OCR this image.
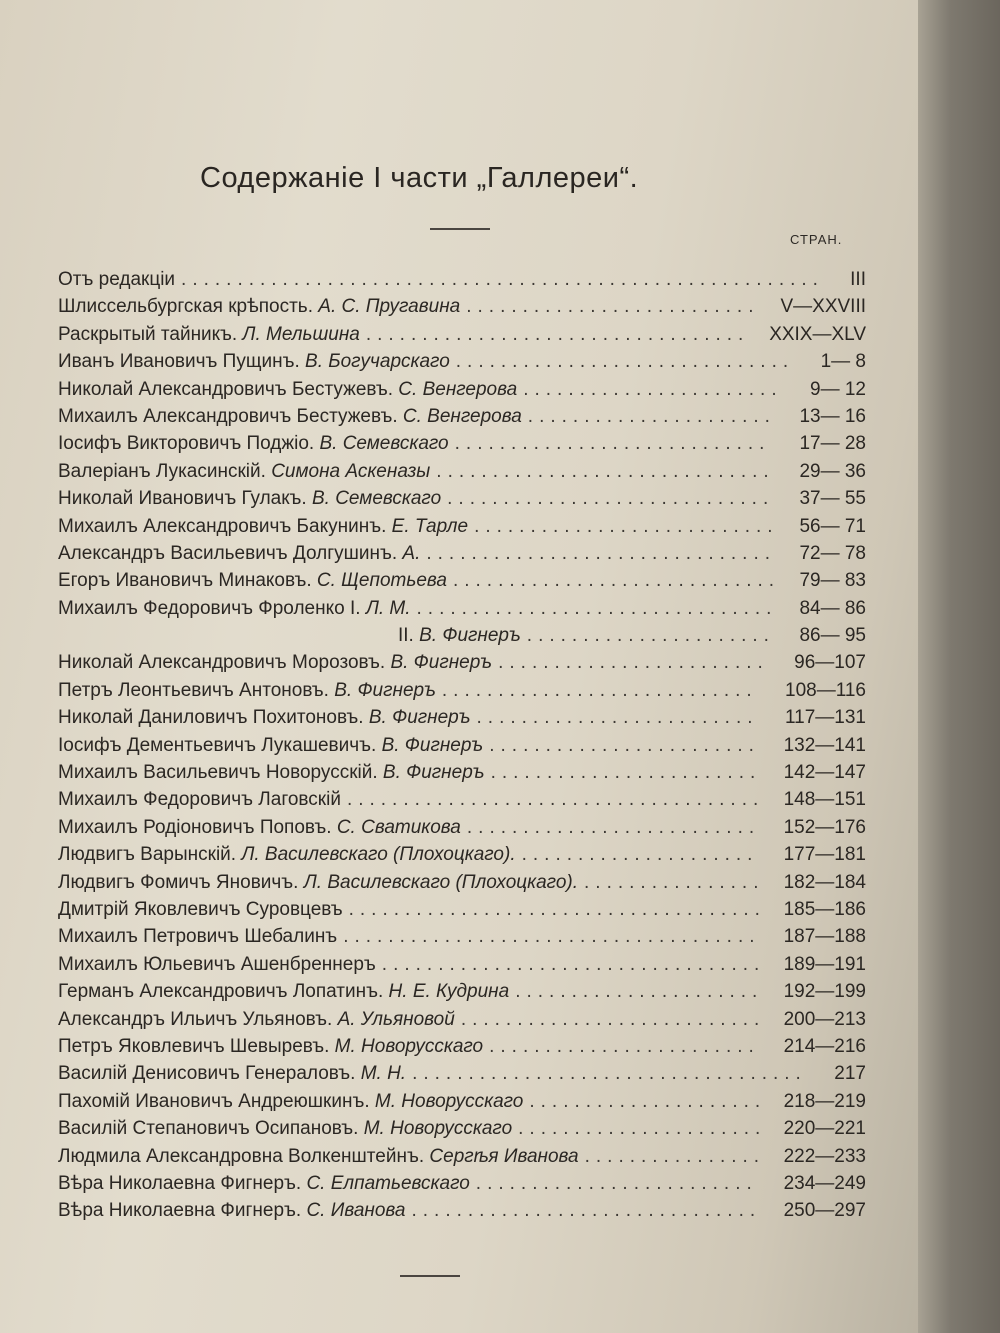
Содержаніе I части „Галлереи“.
СТРАН.
Отъ редакціи ......................................................... III
Шлиссельбургская крѣпость. А. С. Пругавина .......................... V—XXVIII
Раскрытый тайникъ. Л. Мельшина .................................. XXIX—XLV
Иванъ Ивановичъ Пущинъ. В. Богучарскаго .............................. 1— 8
Николай Александровичъ Бестужевъ. С. Венгерова ....................... 9— 12
Михаилъ Александровичъ Бестужевъ. С. Венгерова ...................... 13— 16
Іосифъ Викторовичъ Поджіо. В. Семевскаго ............................ 17— 28
Валеріанъ Лукасинскій. Симона Аскеназы .............................. 29— 36
Николай Ивановичъ Гулакъ. В. Семевскаго ............................. 37— 55
Михаилъ Александровичъ Бакунинъ. Е. Тарле ........................... 56— 71
Александръ Васильевичъ Долгушинъ. А. ............................... 72— 78
Егоръ Ивановичъ Минаковъ. С. Щепотьева ............................. 79— 83
Михаилъ Федоровичъ Фроленко I. Л. М. ................................ 84— 86
II. В. Фигнеръ ...................... 86— 95
Николай Александровичъ Морозовъ. В. Фигнеръ ........................ 96—107
Петръ Леонтьевичъ Антоновъ. В. Фигнеръ ............................ 108—116
Николай Даниловичъ Похитоновъ. В. Фигнеръ ......................... 117—131
Іосифъ Дементьевичъ Лукашевичъ. В. Фигнеръ ........................ 132—141
Михаилъ Васильевичъ Новорусскій. В. Фигнеръ ........................ 142—147
Михаилъ Федоровичъ Лаговскій ..................................... 148—151
Михаилъ Родіоновичъ Поповъ. С. Сватикова .......................... 152—176
Людвигъ Варынскій. Л. Василевскаго (Плохоцкаго). ..................... 177—181
Людвигъ Фомичъ Яновичъ. Л. Василевскаго (Плохоцкаго). ................ 182—184
Дмитрій Яковлевичъ Суровцевъ ..................................... 185—186
Михаилъ Петровичъ Шебалинъ ..................................... 187—188
Михаилъ Юльевичъ Ашенбреннеръ .................................. 189—191
Германъ Александровичъ Лопатинъ. Н. Е. Кудрина ...................... 192—199
Александръ Ильичъ Ульяновъ. А. Ульяновой ........................... 200—213
Петръ Яковлевичъ Шевыревъ. М. Новорусскаго ........................ 214—216
Василій Денисовичъ Генераловъ. М. Н. ................................... 217
Пахомій Ивановичъ Андреюшкинъ. М. Новорусскаго ..................... 218—219
Василій Степановичъ Осипановъ. М. Новорусскаго ...................... 220—221
Людмила Александровна Волкенштейнъ. Сергѣя Иванова ................ 222—233
Вѣра Николаевна Фигнеръ. С. Елпатьевскаго ......................... 234—249
Вѣра Николаевна Фигнеръ. С. Иванова ............................... 250—297
